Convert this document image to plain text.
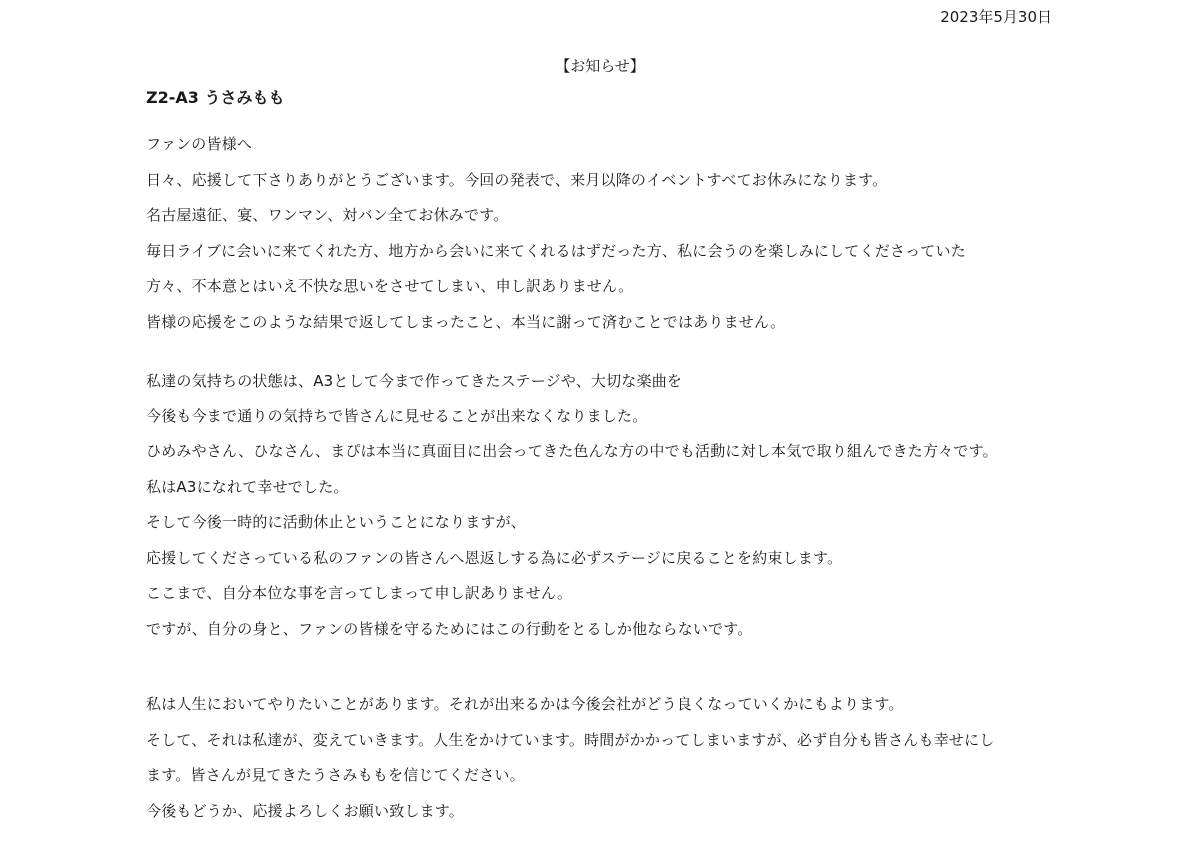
2023年5月30日
【お知らせ】
Z2-A3 うさみもも
ファンの皆様へ
日々、応援して下さりありがとうございます。今回の発表で、来月以降のイベントすべてお休みになります。
名古屋遠征、宴、ワンマン、対バン全てお休みです。
毎日ライブに会いに来てくれた方、地方から会いに来てくれるはずだった方、私に会うのを楽しみにしてくださっていた
方々、不本意とはいえ不快な思いをさせてしまい、申し訳ありません。
皆様の応援をこのような結果で返してしまったこと、本当に謝って済むことではありません。
私達の気持ちの状態は、A3として今まで作ってきたステージや、大切な楽曲を
今後も今まで通りの気持ちで皆さんに見せることが出来なくなりました。
ひめみやさん、ひなさん、まぴは本当に真面目に出会ってきた色んな方の中でも活動に対し本気で取り組んできた方々です。
私はA3になれて幸せでした。
そして今後一時的に活動休止ということになりますが、
応援してくださっている私のファンの皆さんへ恩返しする為に必ずステージに戻ることを約束します。
ここまで、自分本位な事を言ってしまって申し訳ありません。
ですが、自分の身と、ファンの皆様を守るためにはこの行動をとるしか他ならないです。
私は人生においてやりたいことがあります。それが出来るかは今後会社がどう良くなっていくかにもよります。
そして、それは私達が、変えていきます。人生をかけています。時間がかかってしまいますが、必ず自分も皆さんも幸せにし
ます。皆さんが見てきたうさみももを信じてください。
今後もどうか、応援よろしくお願い致します。
